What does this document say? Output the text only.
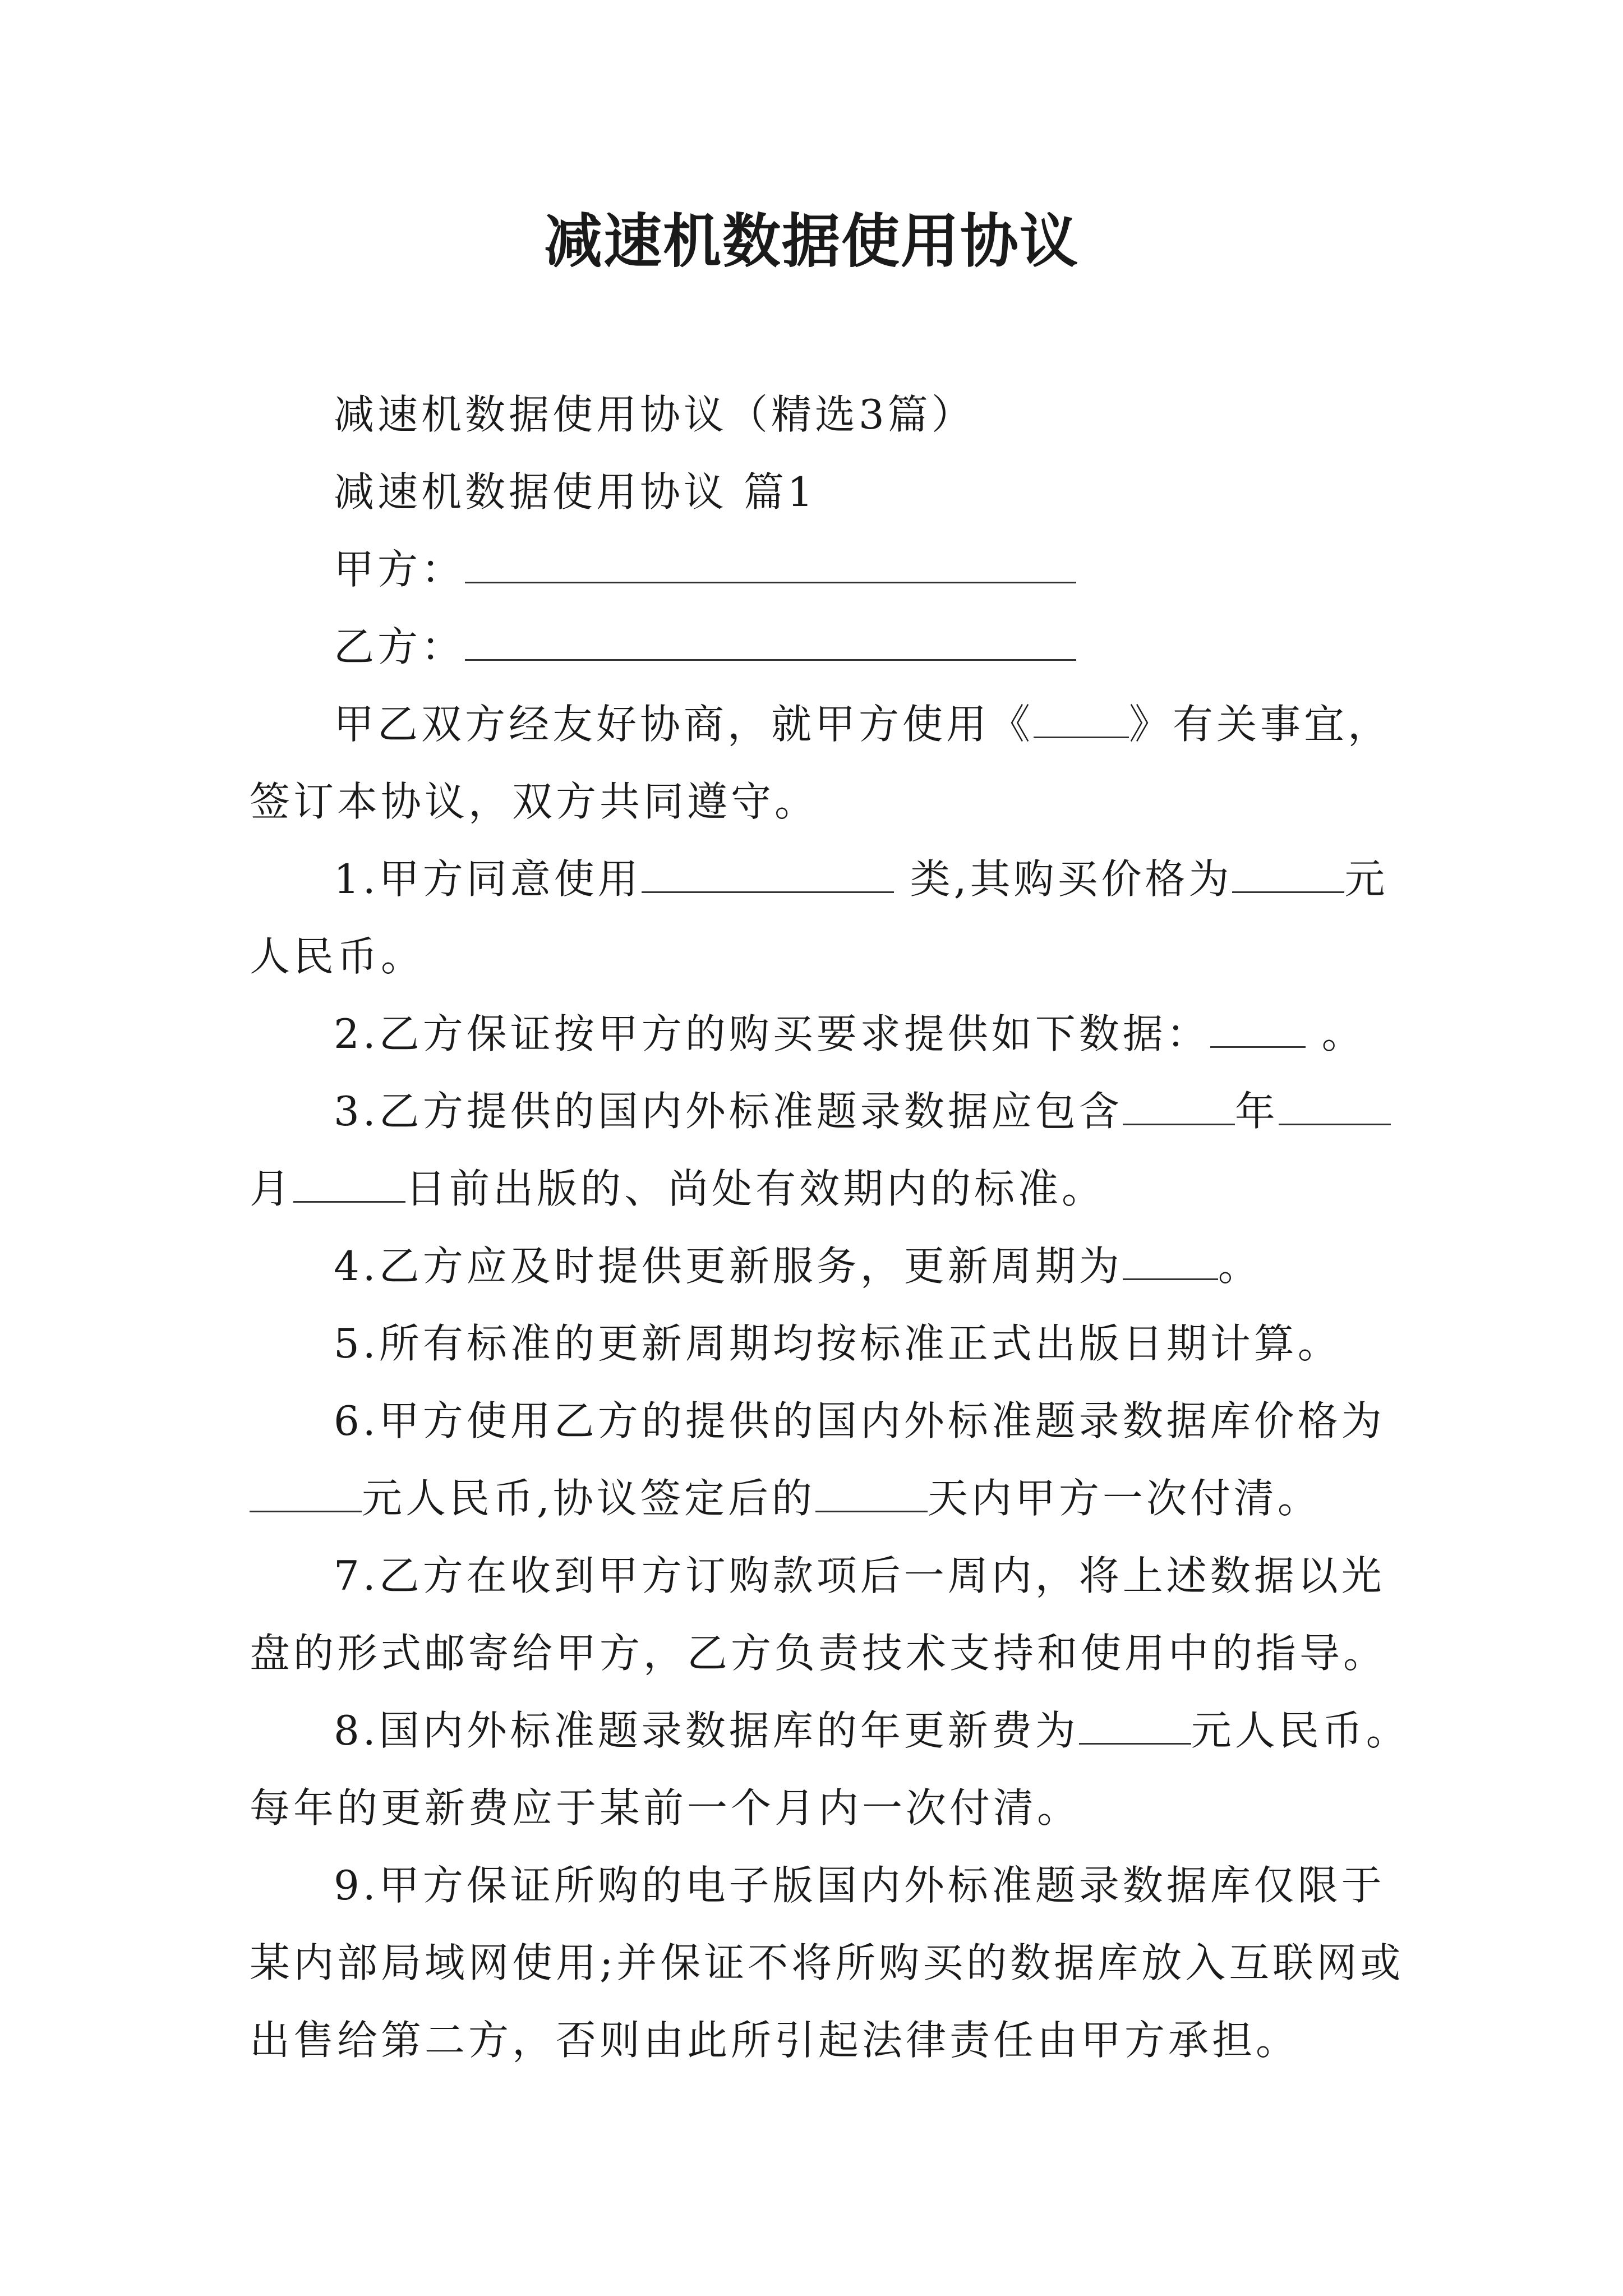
减速机数据使用协议

减速机数据使用协议（精选3篇）

减速机数据使用协议 篇1

甲方：

乙方：

甲乙双方经友好协商，就甲方使用《 》有关事宜，签订本协议，双方共同遵守。

1.甲方同意使用	类,其购买价格为	元人民币。

2.乙方保证按甲方的购买要求提供如下数据： 。

3.乙方提供的国内外标准题录数据应包含	年月	日前出版的、尚处有效期内的标准。

4.乙方应及时提供更新服务，更新周期为 。

5.所有标准的更新周期均按标准正式出版日期计算。

6.甲方使用乙方的提供的国内外标准题录数据库价格为元人民币,协议签定后的	天内甲方一次付清。

7.乙方在收到甲方订购款项后一周内，将上述数据以光盘的形式邮寄给甲方，乙方负责技术支持和使用中的指导。

8.国内外标准题录数据库的年更新费为	元人民币。每年的更新费应于某前一个月内一次付清。

9.甲方保证所购的电子版国内外标准题录数据库仅限于某内部局域网使用;并保证不将所购买的数据库放入互联网或出售给第二方，否则由此所引起法律责任由甲方承担。
